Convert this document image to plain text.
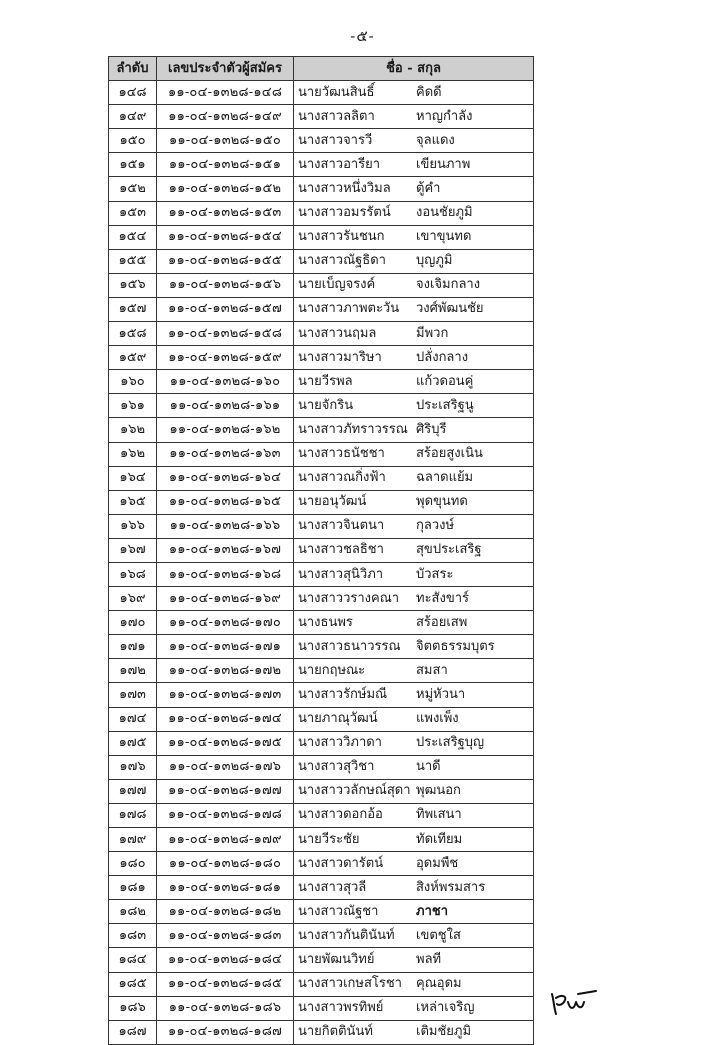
-๕-
ลำดับ	เลขประจำตัวผู้สมัคร	ชื่อ - สกุล
๑๔๘	๑๑-๐๔-๑๓๒๘-๑๔๘	นายวัฒนสินธิ์ คิดดี
๑๔๙	๑๑-๐๔-๑๓๒๘-๑๔๙	นางสาวลลิตา หาญกำลัง
๑๕๐	๑๑-๐๔-๑๓๒๘-๑๕๐	นางสาวจารวี จุลแดง
๑๕๑	๑๑-๐๔-๑๓๒๘-๑๕๑	นางสาวอารียา เขียนภาพ
๑๕๒	๑๑-๐๔-๑๓๒๘-๑๕๒	นางสาวหนึ่งวิมล ตู้คำ
๑๕๓	๑๑-๐๔-๑๓๒๘-๑๕๓	นางสาวอมรรัตน์ งอนชัยภูมิ
๑๕๔	๑๑-๐๔-๑๓๒๘-๑๕๔	นางสาวรันชนก เขาขุนทด
๑๕๕	๑๑-๐๔-๑๓๒๘-๑๕๕	นางสาวณัฐธิดา บุญภูมิ
๑๕๖	๑๑-๐๔-๑๓๒๘-๑๕๖	นายเบ็ญจรงค์ จงเจิมกลาง
๑๕๗	๑๑-๐๔-๑๓๒๘-๑๕๗	นางสาวภาพตะวัน วงศ์พัฒนชัย
๑๕๘	๑๑-๐๔-๑๓๒๘-๑๕๘	นางสาวนฤมล มีพวก
๑๕๙	๑๑-๐๔-๑๓๒๘-๑๕๙	นางสาวมาริษา ปลั่งกลาง
๑๖๐	๑๑-๐๔-๑๓๒๘-๑๖๐	นายวีรพล แก้วดอนคู่
๑๖๑	๑๑-๐๔-๑๓๒๘-๑๖๑	นายจักริน ประเสริฐนู
๑๖๒	๑๑-๐๔-๑๓๒๘-๑๖๒	นางสาวภัทราวรรณ ศิริบุรี
๑๖๒	๑๑-๐๔-๑๓๒๘-๑๖๓	นางสาวธนัชชา สร้อยสูงเนิน
๑๖๔	๑๑-๐๔-๑๓๒๘-๑๖๔	นางสาวณกิ่งฟ้า ฉลาดแย้ม
๑๖๕	๑๑-๐๔-๑๓๒๘-๑๖๕	นายอนุวัฒน์ พุดขุนทด
๑๖๖	๑๑-๐๔-๑๓๒๘-๑๖๖	นางสาวจินตนา กุลวงษ์
๑๖๗	๑๑-๐๔-๑๓๒๘-๑๖๗	นางสาวชลธิชา สุขประเสริฐ
๑๖๘	๑๑-๐๔-๑๓๒๘-๑๖๘	นางสาวสุนิวิภา บัวสระ
๑๖๙	๑๑-๐๔-๑๓๒๘-๑๖๙	นางสาววรางคณา ทะสังขาร์
๑๗๐	๑๑-๐๔-๑๓๒๘-๑๗๐	นางธนพร สร้อยเสพ
๑๗๑	๑๑-๐๔-๑๓๒๘-๑๗๑	นางสาวธนาวรรณ จิตตธรรมบุตร
๑๗๒	๑๑-๐๔-๑๓๒๘-๑๗๒	นายกฤษณะ สมสา
๑๗๓	๑๑-๐๔-๑๓๒๘-๑๗๓	นางสาวรักษ์มณี หมู่หัวนา
๑๗๔	๑๑-๐๔-๑๓๒๘-๑๗๔	นายภาณุวัฒน์ แพงเพ็ง
๑๗๕	๑๑-๐๔-๑๓๒๘-๑๗๕	นางสาววิภาดา ประเสริฐบุญ
๑๗๖	๑๑-๐๔-๑๓๒๘-๑๗๖	นางสาวสุวิชา นาดี
๑๗๗	๑๑-๐๔-๑๓๒๘-๑๗๗	นางสาววลักษณ์สุดา พุฒนอก
๑๗๘	๑๑-๐๔-๑๓๒๘-๑๗๘	นางสาวดอกอ้อ ทิพเสนา
๑๗๙	๑๑-๐๔-๑๓๒๘-๑๗๙	นายวีระชัย ทัดเทียม
๑๘๐	๑๑-๐๔-๑๓๒๘-๑๘๐	นางสาวดารัตน์ อุดมพืช
๑๘๑	๑๑-๐๔-๑๓๒๘-๑๘๑	นางสาวสุวลี สิงห์พรมสาร
๑๘๒	๑๑-๐๔-๑๓๒๘-๑๘๒	นางสาวณัฐชา ภาชา
๑๘๓	๑๑-๐๔-๑๓๒๘-๑๘๓	นางสาวกันตินันท์ เขตชูใส
๑๘๔	๑๑-๐๔-๑๓๒๘-๑๘๔	นายพัฒนวิทย์ พลที
๑๘๕	๑๑-๐๔-๑๓๒๘-๑๘๕	นางสาวเกษสโรชา คุณอุดม
๑๘๖	๑๑-๐๔-๑๓๒๘-๑๘๖	นางสาวพรทิพย์ เหล่าเจริญ
๑๘๗	๑๑-๐๔-๑๓๒๘-๑๘๗	นายกิตตินันท์ เติมชัยภูมิ
